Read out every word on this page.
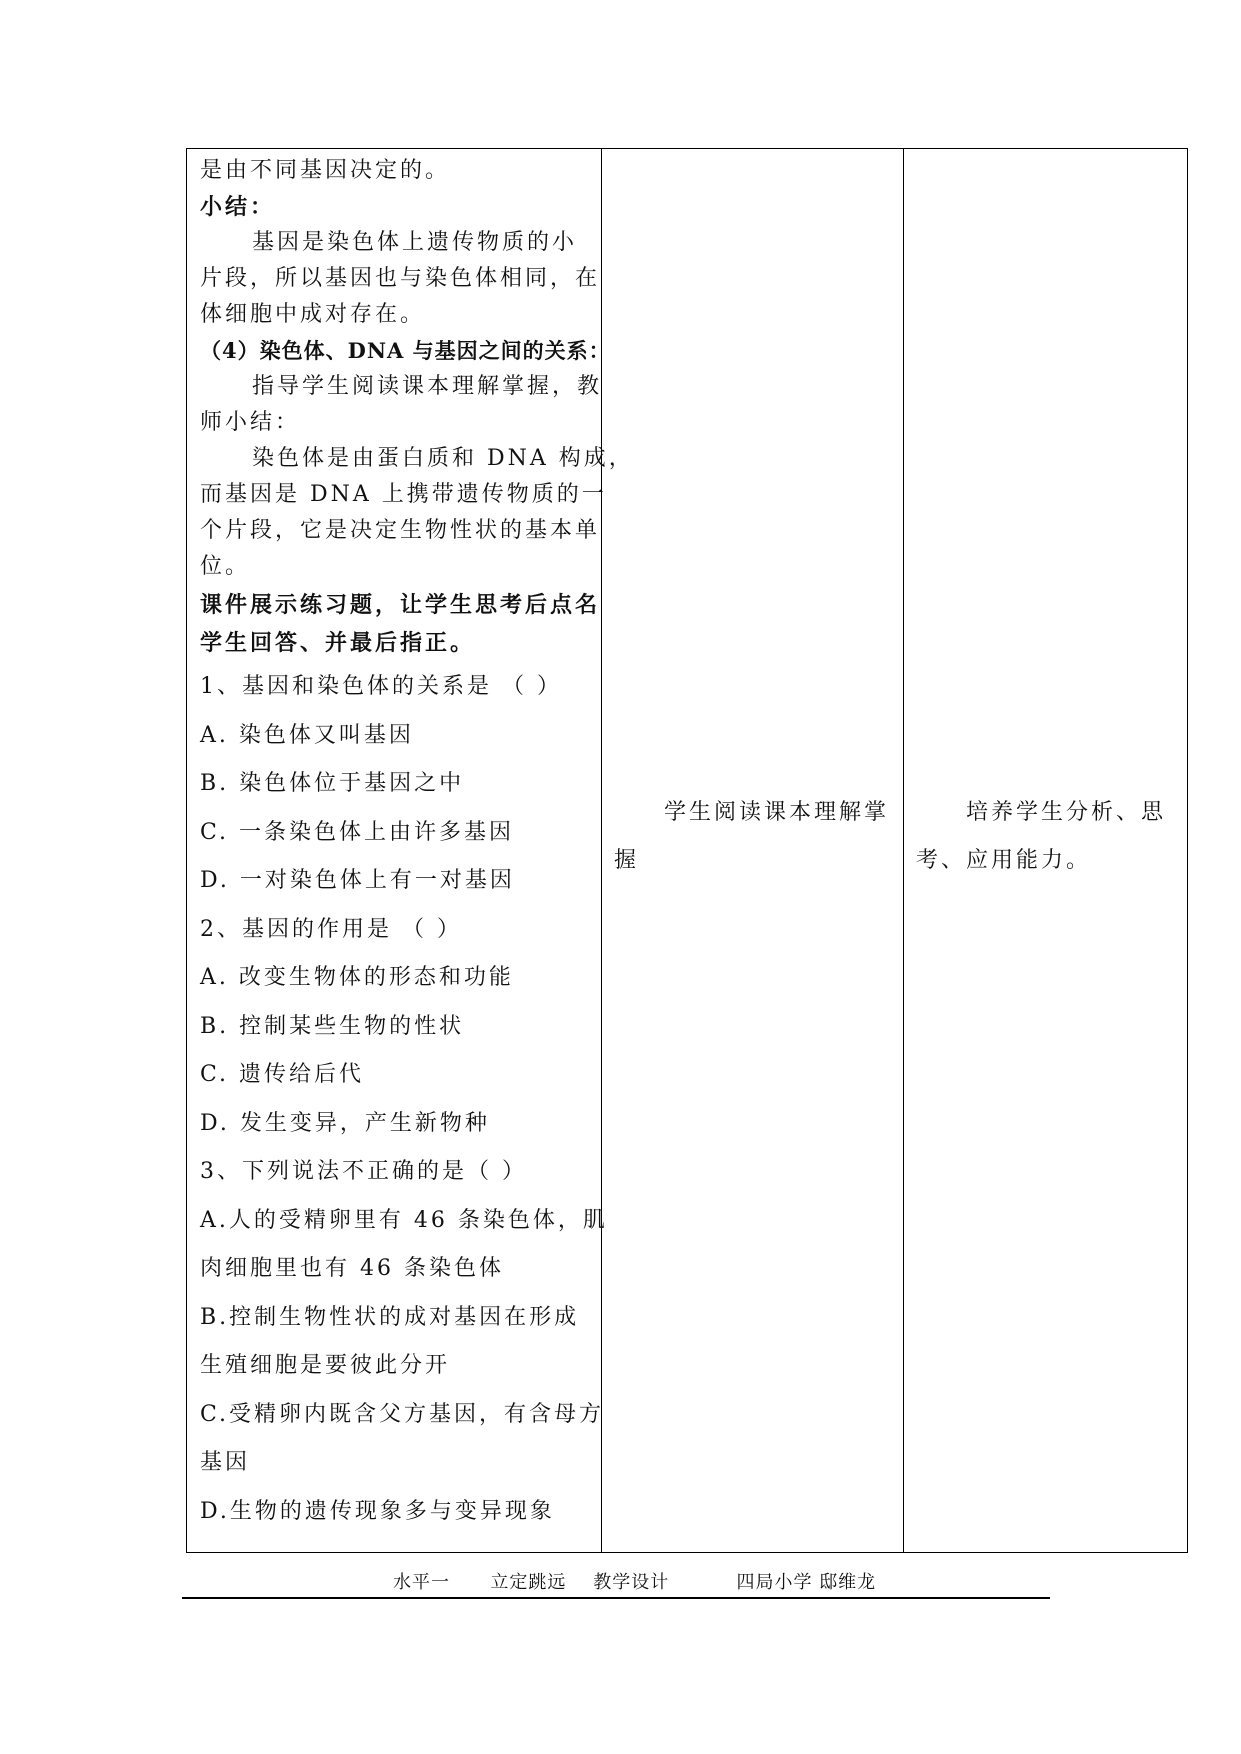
是由不同基因决定的。
小结：
基因是染色体上遗传物质的小
片段，所以基因也与染色体相同，在
体细胞中成对存在。
（4）染色体、DNA 与基因之间的关系：
指导学生阅读课本理解掌握，教
师小结：
染色体是由蛋白质和 DNA 构成，
而基因是 DNA 上携带遗传物质的一
个片段，它是决定生物性状的基本单
位。
课件展示练习题，让学生思考后点名
学生回答、并最后指正。
1、基因和染色体的关系是 （ ）
A. 染色体又叫基因
B. 染色体位于基因之中
C. 一条染色体上由许多基因
D. 一对染色体上有一对基因
2、基因的作用是 （ ）
A. 改变生物体的形态和功能
B. 控制某些生物的性状
C. 遗传给后代
D. 发生变异，产生新物种
3、下列说法不正确的是（ ）
A.人的受精卵里有 46 条染色体，肌
肉细胞里也有 46 条染色体
B.控制生物性状的成对基因在形成
生殖细胞是要彼此分开
C.受精卵内既含父方基因，有含母方
基因
D.生物的遗传现象多与变异现象
学生阅读课本理解掌握
培养学生分析、思考、应用能力。
水平一 立定跳远 教学设计	四局小学 邸维龙
